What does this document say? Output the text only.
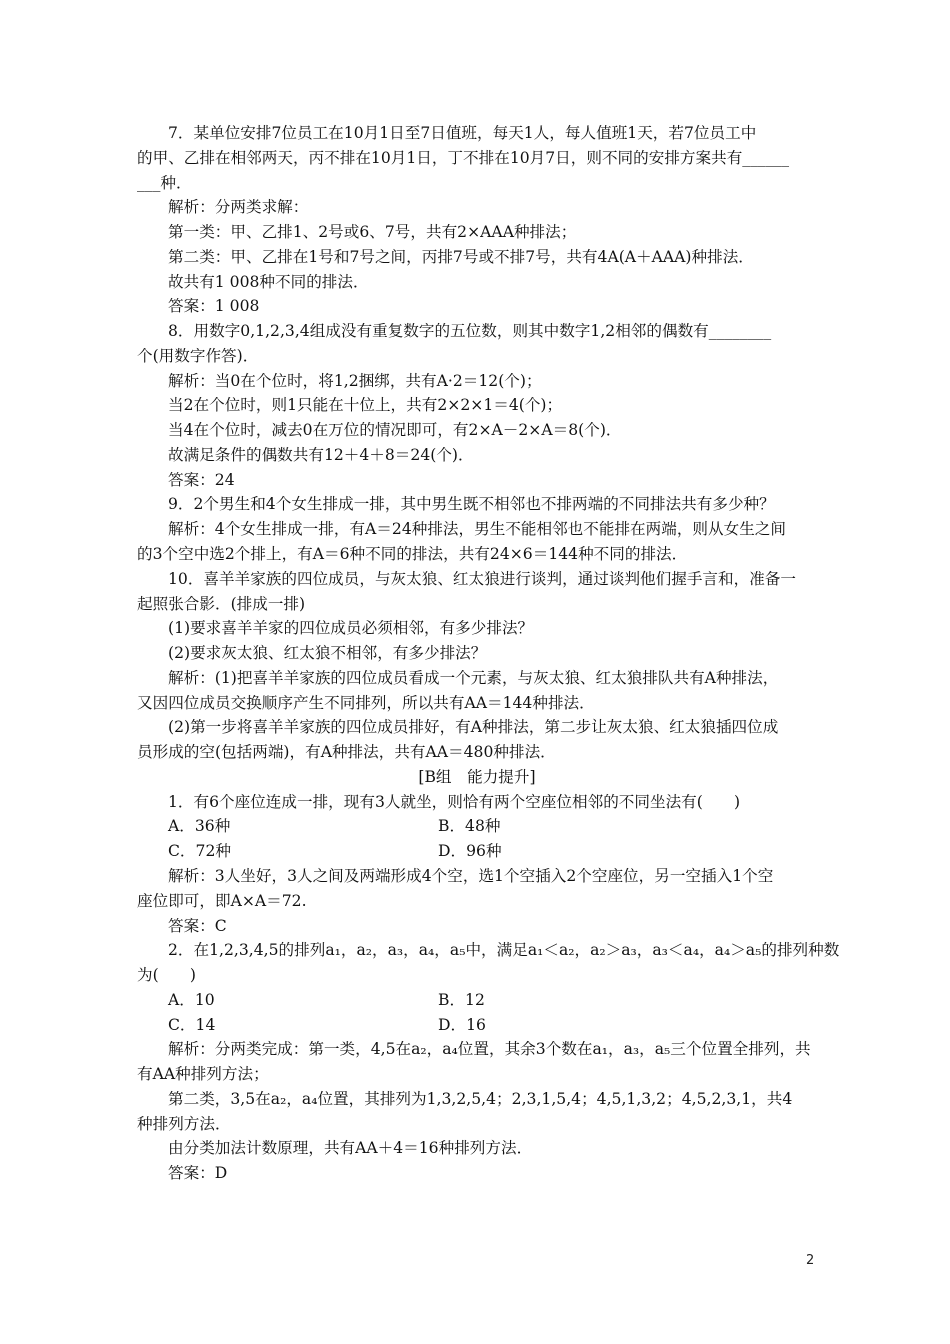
7．某单位安排7位员工在10月1日至7日值班，每天1人，每人值班1天，若7位员工中
的甲、乙排在相邻两天，丙不排在10月1日，丁不排在10月7日，则不同的安排方案共有______
___种．
解析：分两类求解：
第一类：甲、乙排1、2号或6、7号，共有2×AAA种排法；
第二类：甲、乙排在1号和7号之间，丙排7号或不排7号，共有4A(A＋AAA)种排法．
故共有1 008种不同的排法．
答案：1 008
8．用数字0,1,2,3,4组成没有重复数字的五位数，则其中数字1,2相邻的偶数有________
个(用数字作答)．
解析：当0在个位时，将1,2捆绑，共有A·2＝12(个)；
当2在个位时，则1只能在十位上，共有2×2×1＝4(个)；
当4在个位时，减去0在万位的情况即可，有2×A－2×A＝8(个)．
故满足条件的偶数共有12＋4＋8＝24(个)．
答案：24
9．2个男生和4个女生排成一排，其中男生既不相邻也不排两端的不同排法共有多少种？
解析：4个女生排成一排，有A＝24种排法，男生不能相邻也不能排在两端，则从女生之间
的3个空中选2个排上，有A＝6种不同的排法，共有24×6＝144种不同的排法．
10．喜羊羊家族的四位成员，与灰太狼、红太狼进行谈判，通过谈判他们握手言和，准备一
起照张合影．(排成一排)
(1)要求喜羊羊家的四位成员必须相邻，有多少排法？
(2)要求灰太狼、红太狼不相邻，有多少排法？
解析：(1)把喜羊羊家族的四位成员看成一个元素，与灰太狼、红太狼排队共有A种排法，
又因四位成员交换顺序产生不同排列，所以共有AA＝144种排法．
(2)第一步将喜羊羊家族的四位成员排好，有A种排法，第二步让灰太狼、红太狼插四位成
员形成的空(包括两端)，有A种排法，共有AA＝480种排法．
[B组　能力提升]
1．有6个座位连成一排，现有3人就坐，则恰有两个空座位相邻的不同坐法有(　　)
A．36种	B．48种
C．72种	D．96种
解析：3人坐好，3人之间及两端形成4个空，选1个空插入2个空座位，另一空插入1个空
座位即可，即A×A＝72.
答案：C
2．在1,2,3,4,5的排列a₁，a₂，a₃，a₄，a₅中，满足a₁＜a₂，a₂＞a₃，a₃＜a₄，a₄＞a₅的排列种数
为(　　)
A．10	B．12
C．14	D．16
解析：分两类完成：第一类，4,5在a₂，a₄位置，其余3个数在a₁，a₃，a₅三个位置全排列，共
有AA种排列方法；
第二类，3,5在a₂，a₄位置，其排列为1,3,2,5,4；2,3,1,5,4；4,5,1,3,2；4,5,2,3,1，共4
种排列方法．
由分类加法计数原理，共有AA＋4＝16种排列方法．
答案：D
2
